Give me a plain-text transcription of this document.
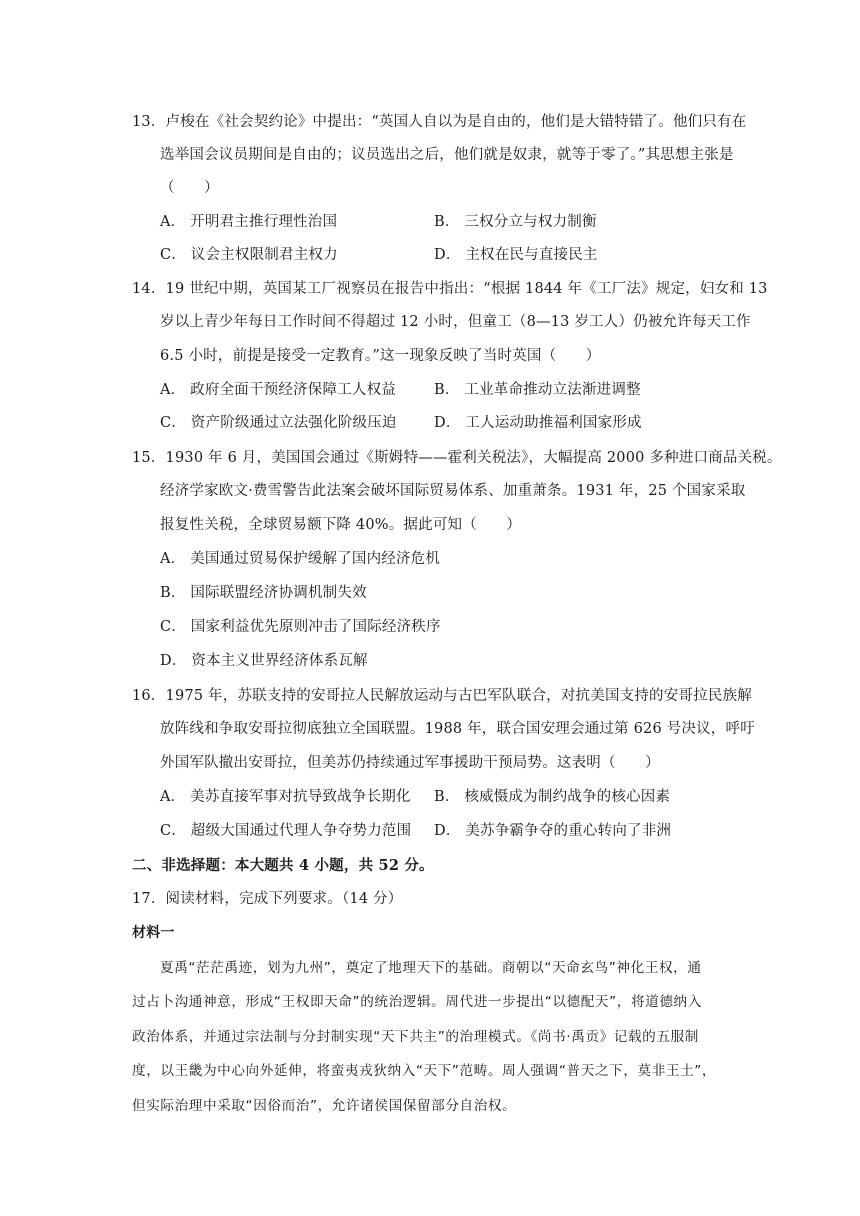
13．卢梭在《社会契约论》中提出：“英国人自以为是自由的，他们是大错特错了。他们只有在
选举国会议员期间是自由的；议员选出之后，他们就是奴隶，就等于零了。”其思想主张是
（　　）
A． 开明君主推行理性治国	B． 三权分立与权力制衡
C． 议会主权限制君主权力	D． 主权在民与直接民主
14．19 世纪中期，英国某工厂视察员在报告中指出：“根据 1844 年《工厂法》规定，妇女和 13
岁以上青少年每日工作时间不得超过 12 小时，但童工（8—13 岁工人）仍被允许每天工作
6.5 小时，前提是接受一定教育。”这一现象反映了当时英国（　　）
A． 政府全面干预经济保障工人权益	B． 工业革命推动立法渐进调整
C． 资产阶级通过立法强化阶级压迫	D． 工人运动助推福利国家形成
15．1930 年 6 月，美国国会通过《斯姆特——霍利关税法》，大幅提高 2000 多种进口商品关税。
经济学家欧文·费雪警告此法案会破坏国际贸易体系、加重萧条。1931 年，25 个国家采取
报复性关税，全球贸易额下降 40%。据此可知（　　）
A． 美国通过贸易保护缓解了国内经济危机
B． 国际联盟经济协调机制失效
C． 国家利益优先原则冲击了国际经济秩序
D． 资本主义世界经济体系瓦解
16．1975 年，苏联支持的安哥拉人民解放运动与古巴军队联合，对抗美国支持的安哥拉民族解
放阵线和争取安哥拉彻底独立全国联盟。1988 年，联合国安理会通过第 626 号决议，呼吁
外国军队撤出安哥拉，但美苏仍持续通过军事援助干预局势。这表明（　　）
A． 美苏直接军事对抗导致战争长期化 B． 核威慑成为制约战争的核心因素
C． 超级大国通过代理人争夺势力范围 D． 美苏争霸争夺的重心转向了非洲
二、非选择题：本大题共 4 小题，共 52 分。
17．阅读材料，完成下列要求。（14 分）
材料一
夏禹“茫茫禹迹，划为九州”，奠定了地理天下的基础。商朝以“天命玄鸟”神化王权，通
过占卜沟通神意，形成“王权即天命”的统治逻辑。周代进一步提出“以德配天”，将道德纳入
政治体系，并通过宗法制与分封制实现“天下共主”的治理模式。《尚书·禹贡》记载的五服制
度，以王畿为中心向外延伸，将蛮夷戎狄纳入“天下”范畴。周人强调“普天之下，莫非王土”，
但实际治理中采取“因俗而治”，允许诸侯国保留部分自治权。
